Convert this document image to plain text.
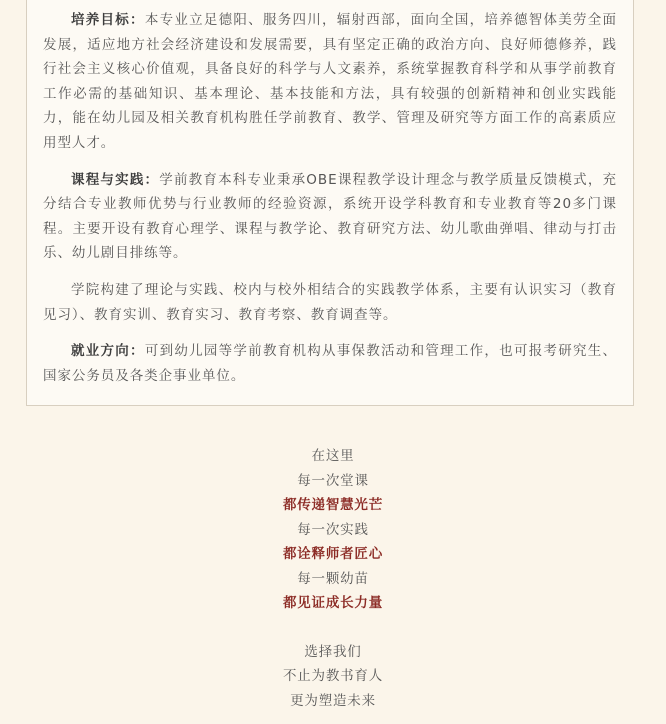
培养目标：本专业立足德阳、服务四川，辐射西部，面向全国，培养德智体美劳全面发展，适应地方社会经济建设和发展需要，具有坚定正确的政治方向、良好师德修养，践行社会主义核心价值观，具备良好的科学与人文素养，系统掌握教育科学和从事学前教育工作必需的基础知识、基本理论、基本技能和方法，具有较强的创新精神和创业实践能力，能在幼儿园及相关教育机构胜任学前教育、教学、管理及研究等方面工作的高素质应用型人才。

课程与实践：学前教育本科专业秉承OBE课程教学设计理念与教学质量反馈模式，充分结合专业教师优势与行业教师的经验资源，系统开设学科教育和专业教育等20多门课程。主要开设有教育心理学、课程与教学论、教育研究方法、幼儿歌曲弹唱、律动与打击乐、幼儿剧目排练等。

学院构建了理论与实践、校内与校外相结合的实践教学体系，主要有认识实习（教育见习）、教育实训、教育实习、教育考察、教育调查等。

就业方向：可到幼儿园等学前教育机构从事保教活动和管理工作，也可报考研究生、国家公务员及各类企事业单位。

在这里
每一次堂课
都传递智慧光芒
每一次实践
都诠释师者匠心
每一颗幼苗
都见证成长力量
选择我们
不止为教书育人
更为塑造未来
